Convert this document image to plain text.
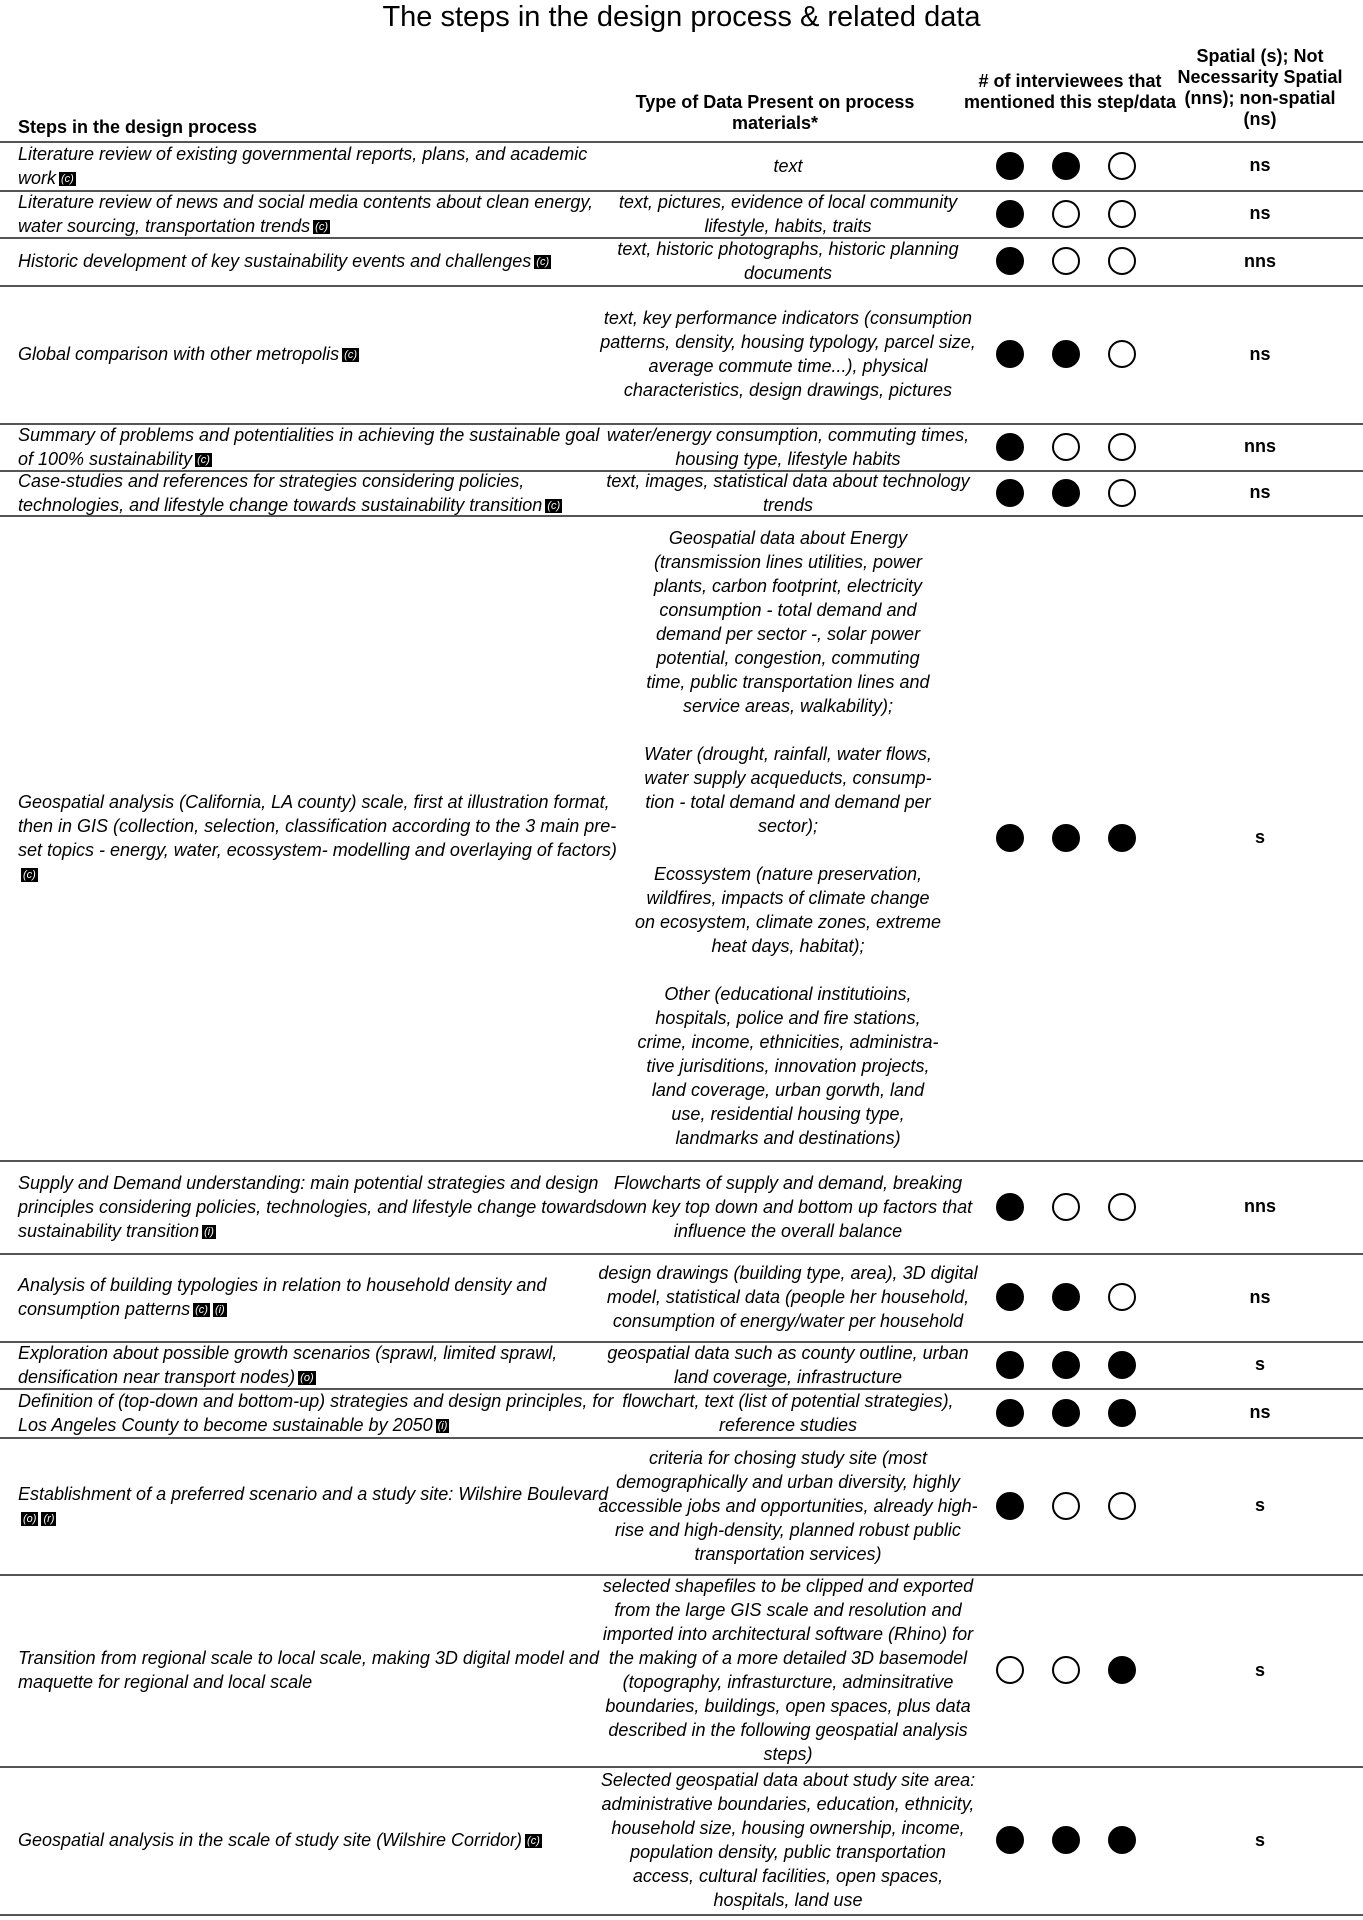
The steps in the design process & related data
Steps in the design process
Type of Data Present on process materials*
# of interviewees that mentioned this step/data
Spatial (s); Not Necessarity Spatial (nns); non-spatial (ns)
Literature review of existing governmental reports, plans, and academic work (c)
text	ns
Literature review of news and social media contents about clean energy, water sourcing, transportation trends (c)
text, pictures, evidence of local community lifestyle, habits, traits
ns
Historic development of key sustainability events and challenges (c)
text, historic photographs, historic planning documents
nns
Global comparison with other metropolis (c)
text, key performance indicators (consumption patterns, density, housing typology, parcel size, average commute time...), physical characteristics, design drawings, pictures
ns
Summary of problems and potentialities in achieving the sustainable goal of 100% sustainability (c)
water/energy consumption, commuting times, housing type, lifestyle habits
nns
Case-studies and references for strategies considering policies, technologies, and lifestyle change towards sustainability transition (c)
text, images, statistical data about technology trends
ns
Geospatial analysis (California, LA county) scale, first at illustration format, then in GIS (collection, selection, classification according to the 3 main pre-set topics - energy, water, ecossystem- modelling and overlaying of factors)(c)
Geospatial data about Energy
(transmission lines utilities, power
plants, carbon footprint, electricity
consumption - total demand and
demand per sector -, solar power
potential, congestion, commuting
time, public transportation lines and
service areas, walkability);

Water (drought, rainfall, water flows,
water supply acqueducts, consump-
tion - total demand and demand per
sector);

Ecossystem (nature preservation,
wildfires, impacts of climate change
on ecosystem, climate zones, extreme
heat days, habitat);

Other (educational institutioins,
hospitals, police and fire stations,
crime, income, ethnicities, administra-
tive jurisditions, innovation projects,
land coverage, urban gorwth, land
use, residential housing type,
landmarks and destinations)
s
Supply and Demand understanding: main potential strategies and design principles considering policies, technologies, and lifestyle change towards sustainability transition (i)
Flowcharts of supply and demand, breaking down key top down and bottom up factors that influence the overall balance
nns
Analysis of building typologies in relation to household density and consumption patterns (c) (i)
design drawings (building type, area), 3D digital model, statistical data (people her household, consumption of energy/water per household
ns
Exploration about possible growth scenarios (sprawl, limited sprawl, densification near transport nodes) (o)
geospatial data such as county outline, urban land coverage, infrastructure
s
Definition of (top-down and bottom-up) strategies and design principles, for Los Angeles County to become sustainable by 2050 (i)
flowchart, text (list of potential strategies), reference studies
ns
Establishment of a preferred scenario and a study site: Wilshire Boulevard(o) (r)
criteria for chosing study site (most demographically and urban diversity, highly accessible jobs and opportunities, already high-rise and high-density, planned robust public transportation services)
s
Transition from regional scale to local scale, making 3D digital model and maquette for regional and local scale
selected shapefiles to be clipped and exported from the large GIS scale and resolution and imported into architectural software (Rhino) for the making of a more detailed 3D basemodel (topography, infrasturcture, adminsitrative boundaries, buildings, open spaces, plus data described in the following geospatial analysis steps)
s
Geospatial analysis in the scale of study site (Wilshire Corridor) (c)
Selected geospatial data about study site area: administrative boundaries, education, ethnicity, household size, housing ownership, income, population density, public transportation access, cultural facilities, open spaces, hospitals, land use
s
